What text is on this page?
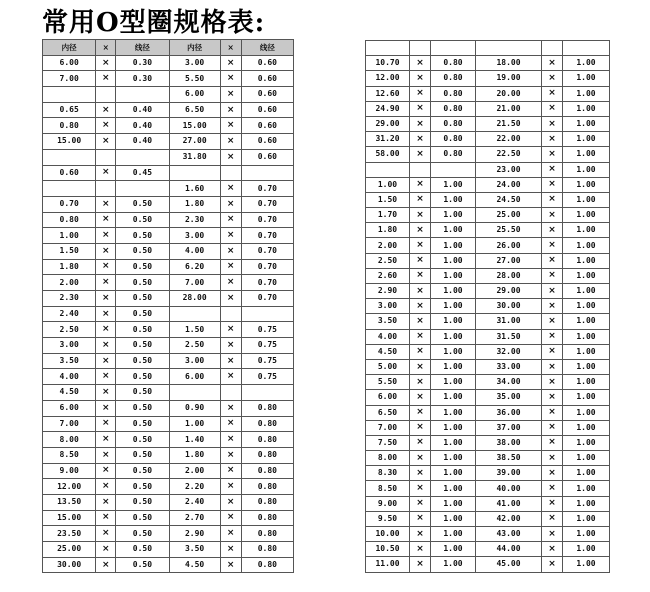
常用O型圈规格表:
内径	×	线径	内径	×	线径
6.00	×	0.30	3.00	×	0.60
7.00	×	0.30	5.50	×	0.60
			6.00	×	0.60
0.65	×	0.40	6.50	×	0.60
0.80	×	0.40	15.00	×	0.60
15.00	×	0.40	27.00	×	0.60
			31.80	×	0.60
0.60	×	0.45			
			1.60	×	0.70
0.70	×	0.50	1.80	×	0.70
0.80	×	0.50	2.30	×	0.70
1.00	×	0.50	3.00	×	0.70
1.50	×	0.50	4.00	×	0.70
1.80	×	0.50	6.20	×	0.70
2.00	×	0.50	7.00	×	0.70
2.30	×	0.50	28.00	×	0.70
2.40	×	0.50			
2.50	×	0.50	1.50	×	0.75
3.00	×	0.50	2.50	×	0.75
3.50	×	0.50	3.00	×	0.75
4.00	×	0.50	6.00	×	0.75
4.50	×	0.50			
6.00	×	0.50	0.90	×	0.80
7.00	×	0.50	1.00	×	0.80
8.00	×	0.50	1.40	×	0.80
8.50	×	0.50	1.80	×	0.80
9.00	×	0.50	2.00	×	0.80
12.00	×	0.50	2.20	×	0.80
13.50	×	0.50	2.40	×	0.80
15.00	×	0.50	2.70	×	0.80
23.50	×	0.50	2.90	×	0.80
25.00	×	0.50	3.50	×	0.80
30.00	×	0.50	4.50	×	0.80

10.70	×	0.80	18.00	×	1.00
12.00	×	0.80	19.00	×	1.00
12.60	×	0.80	20.00	×	1.00
24.90	×	0.80	21.00	×	1.00
29.00	×	0.80	21.50	×	1.00
31.20	×	0.80	22.00	×	1.00
58.00	×	0.80	22.50	×	1.00
			23.00	×	1.00
1.00	×	1.00	24.00	×	1.00
1.50	×	1.00	24.50	×	1.00
1.70	×	1.00	25.00	×	1.00
1.80	×	1.00	25.50	×	1.00
2.00	×	1.00	26.00	×	1.00
2.50	×	1.00	27.00	×	1.00
2.60	×	1.00	28.00	×	1.00
2.90	×	1.00	29.00	×	1.00
3.00	×	1.00	30.00	×	1.00
3.50	×	1.00	31.00	×	1.00
4.00	×	1.00	31.50	×	1.00
4.50	×	1.00	32.00	×	1.00
5.00	×	1.00	33.00	×	1.00
5.50	×	1.00	34.00	×	1.00
6.00	×	1.00	35.00	×	1.00
6.50	×	1.00	36.00	×	1.00
7.00	×	1.00	37.00	×	1.00
7.50	×	1.00	38.00	×	1.00
8.00	×	1.00	38.50	×	1.00
8.30	×	1.00	39.00	×	1.00
8.50	×	1.00	40.00	×	1.00
9.00	×	1.00	41.00	×	1.00
9.50	×	1.00	42.00	×	1.00
10.00	×	1.00	43.00	×	1.00
10.50	×	1.00	44.00	×	1.00
11.00	×	1.00	45.00	×	1.00
